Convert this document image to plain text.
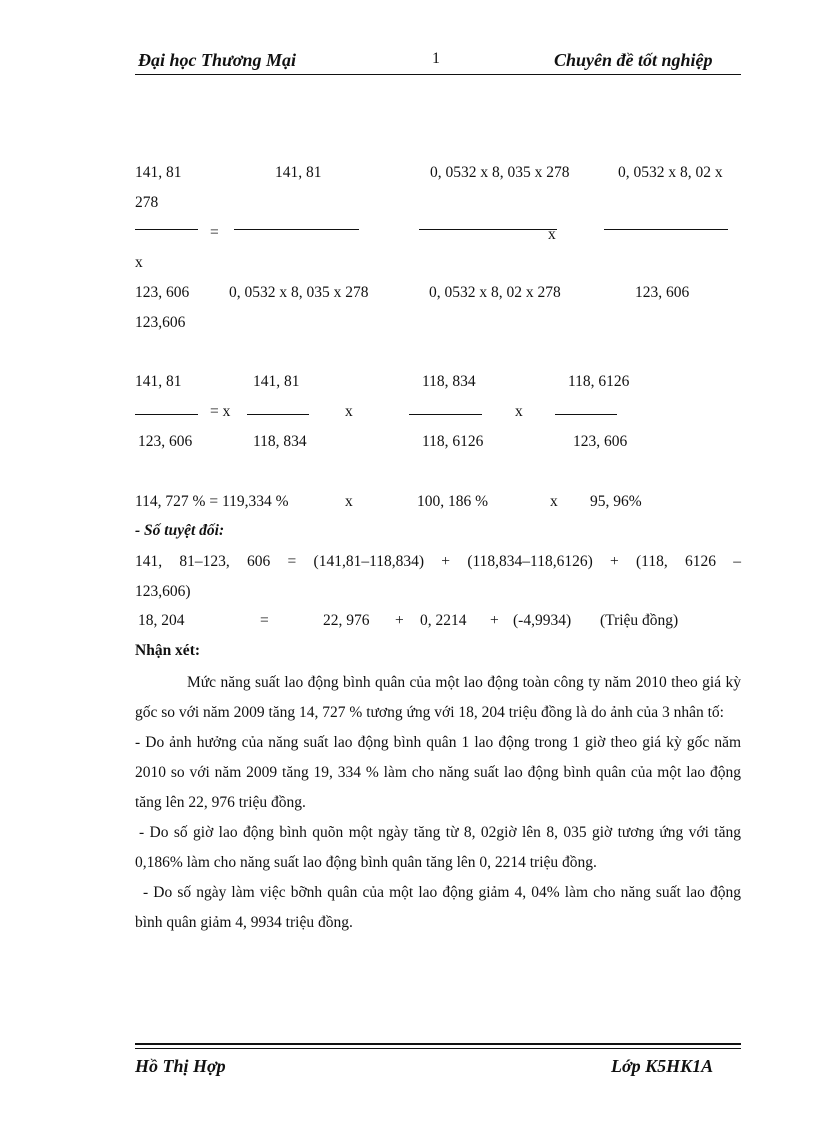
Đại học Thương Mại	1	Chuyên đề tốt nghiệp
141, 81	141, 81	0, 0532 x 8, 035 x 278	0, 0532 x 8, 02 x
278
=	x
x
123, 606	0, 0532 x 8, 035 x 278	0, 0532 x 8, 02 x 278	123, 606
123,606
141, 81	141, 81	118, 834	118, 6126
= x	x	x
123, 606	118, 834	118, 6126	123, 606
114, 727 % = 119,334 %	x	100, 186 %	x 95, 96%
- Số tuyệt đối:
141, 81–123, 606 = (141,81–118,834) + (118,834–118,6126) + (118, 6126 –
123,606)
18, 204	=	22, 976 + 0, 2214 + (-4,9934) (Triệu đồng)
Nhận xét:

Mức năng suất lao động bình quân của một lao động toàn công ty năm 2010 theo giá kỳ gốc so với năm 2009 tăng 14, 727 % tương ứng với 18, 204 triệu đồng là do ảnh của 3 nhân tố:

- Do ảnh hưởng của năng suất lao động bình quân 1 lao động trong 1 giờ theo giá kỳ gốc năm 2010 so với năm 2009 tăng 19, 334 % làm cho năng suất lao động bình quân của một lao động tăng lên 22, 976 triệu đồng.

- Do số giờ lao động bình quõn một ngày tăng từ 8, 02giờ lên 8, 035 giờ tương ứng với tăng 0,186% làm cho năng suất lao động bình quân tăng lên 0, 2214 triệu đồng.

- Do số ngày làm việc bỡnh quân của một lao động giảm 4, 04% làm cho năng suất lao động bình quân giảm 4, 9934 triệu đồng.

Hồ Thị Hợp	Lớp K5HK1A
